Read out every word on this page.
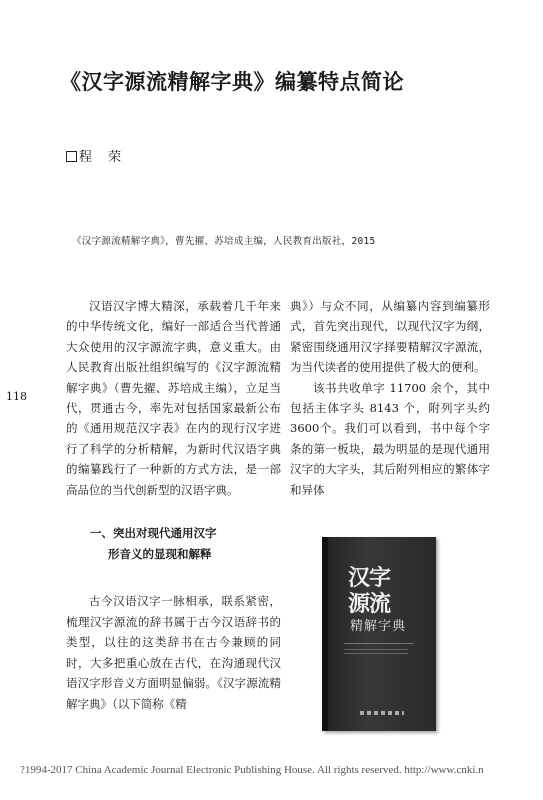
《汉字源流精解字典》编纂特点简论
程 荣
《汉字源流精解字典》，曹先擢、苏培成主编，人民教育出版社，2015
118

汉语汉字博大精深，承载着几千年来的中华传统文化，编好一部适合当代普通大众使用的汉字源流字典，意义重大。由人民教育出版社组织编写的《汉字源流精解字典》（曹先擢、苏培成主编），立足当代，贯通古今，率先对包括国家最新公布的《通用规范汉字表》在内的现行汉字进行了科学的分析精解，为新时代汉语字典的编纂践行了一种新的方式方法，是一部高品位的当代创新型的汉语字典。

一、突出对现代通用汉字
形音义的显现和解释

古今汉语汉字一脉相承，联系紧密，梳理汉字源流的辞书属于古今汉语辞书的类型，以往的这类辞书在古今兼顾的同时，大多把重心放在古代，在沟通现代汉语汉字形音义方面明显偏弱。《汉字源流精解字典》（以下简称《精

典》）与众不同，从编纂内容到编纂形式，首先突出现代，以现代汉字为纲，紧密围绕通用汉字择要精解汉字源流，为当代读者的使用提供了极大的便利。

该书共收单字 11700 余个，其中包括主体字头 8143 个，附列字头约 3600个。我们可以看到，书中每个字条的第一板块，最为明显的是现代通用汉字的大字头，其后附列相应的繁体字和异体

汉字
源流
精解字典
?1994-2017 China Academic Journal Electronic Publishing House. All rights reserved. http://www.cnki.n
